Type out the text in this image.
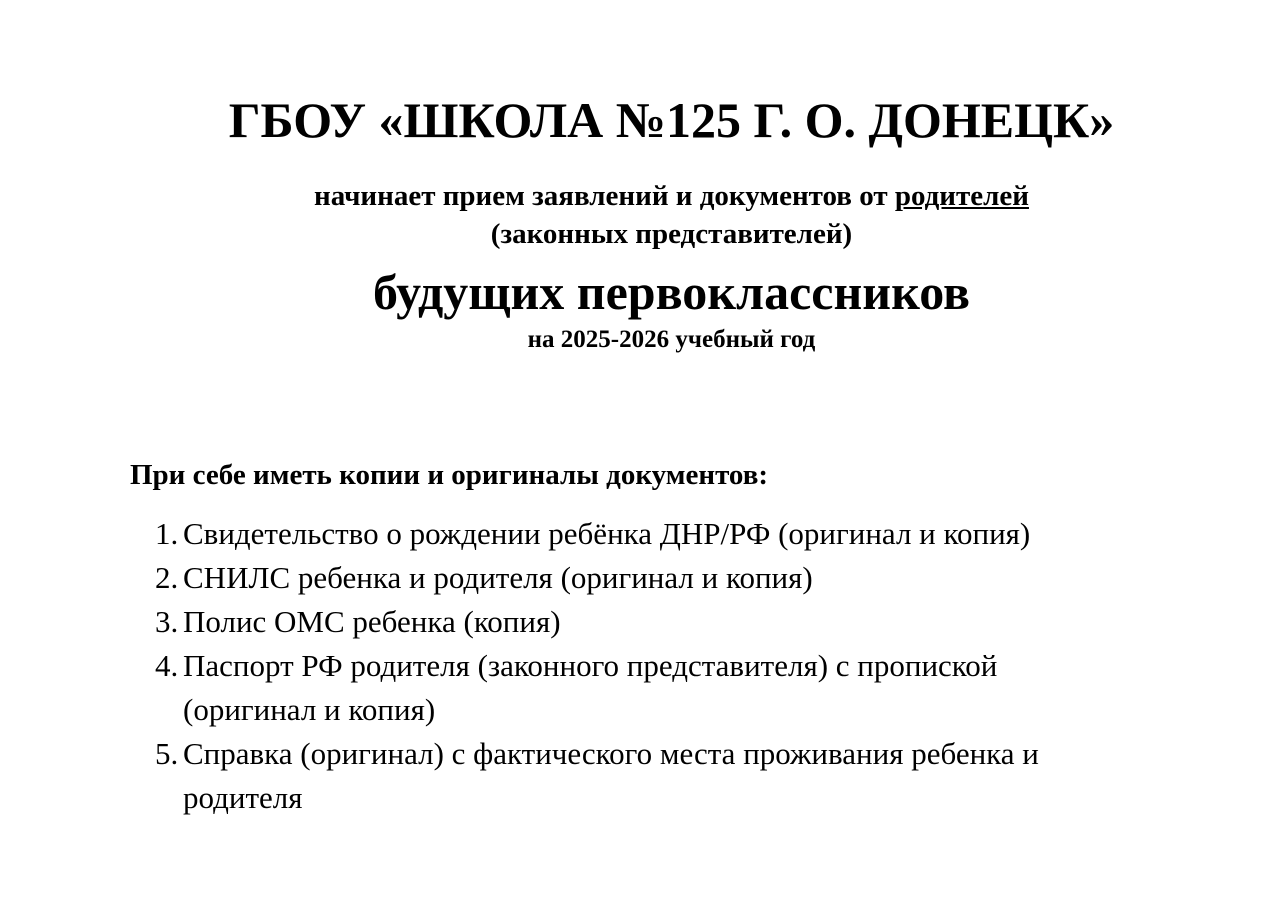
ГБОУ «ШКОЛА №125 Г. О. ДОНЕЦК»
начинает прием заявлений и документов от родителей
(законных представителей)
будущих первоклассников
на 2025-2026 учебный год
При себе иметь копии и оригиналы документов:
1. Свидетельство о рождении ребёнка ДНР/РФ (оригинал и копия)
2. СНИЛС ребенка и родителя (оригинал и копия)
3. Полис ОМС ребенка (копия)
4. Паспорт РФ родителя (законного представителя) с пропиской (оригинал и копия)
5. Справка (оригинал) с фактического места проживания ребенка и родителя
